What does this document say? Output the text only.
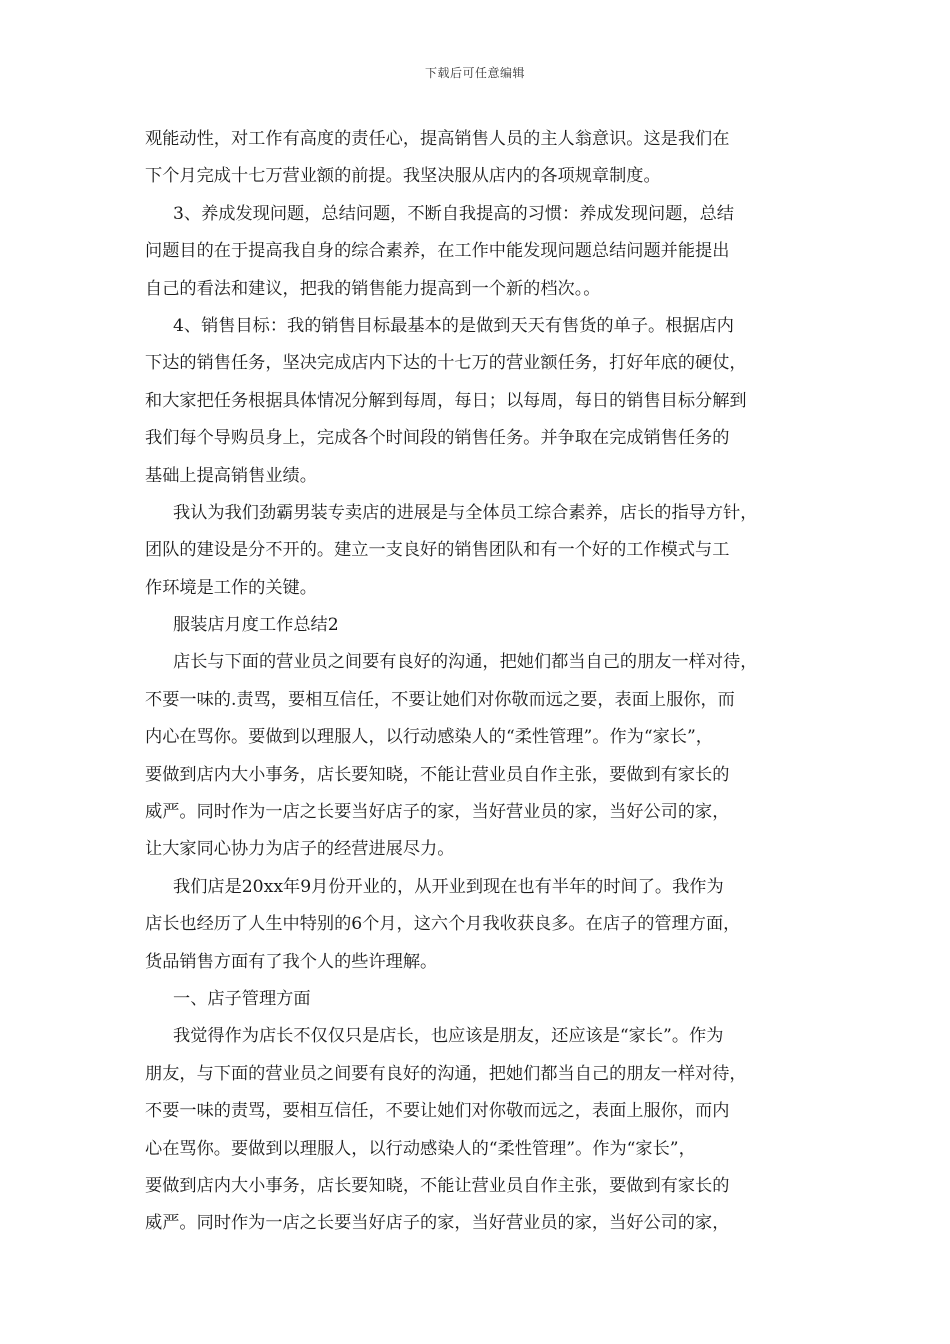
下载后可任意编辑
观能动性，对工作有高度的责任心，提高销售人员的主人翁意识。这是我们在
下个月完成十七万营业额的前提。我坚决服从店内的各项规章制度。
3、养成发现问题，总结问题，不断自我提高的习惯：养成发现问题，总结
问题目的在于提高我自身的综合素养，在工作中能发现问题总结问题并能提出
自己的看法和建议，把我的销售能力提高到一个新的档次。。
4、销售目标：我的销售目标最基本的是做到天天有售货的单子。根据店内
下达的销售任务，坚决完成店内下达的十七万的营业额任务，打好年底的硬仗，
和大家把任务根据具体情况分解到每周，每日；以每周，每日的销售目标分解到
我们每个导购员身上，完成各个时间段的销售任务。并争取在完成销售任务的
基础上提高销售业绩。
我认为我们劲霸男装专卖店的进展是与全体员工综合素养，店长的指导方针，
团队的建设是分不开的。建立一支良好的销售团队和有一个好的工作模式与工
作环境是工作的关键。
服装店月度工作总结2
店长与下面的营业员之间要有良好的沟通，把她们都当自己的朋友一样对待，
不要一味的.责骂，要相互信任，不要让她们对你敬而远之要，表面上服你，而
内心在骂你。要做到以理服人，以行动感染人的“柔性管理”。作为“家长”，
要做到店内大小事务，店长要知晓，不能让营业员自作主张，要做到有家长的
威严。同时作为一店之长要当好店子的家，当好营业员的家，当好公司的家，
让大家同心协力为店子的经营进展尽力。
我们店是20xx年9月份开业的，从开业到现在也有半年的时间了。我作为
店长也经历了人生中特别的6个月，这六个月我收获良多。在店子的管理方面，
货品销售方面有了我个人的些许理解。
一、店子管理方面
我觉得作为店长不仅仅只是店长，也应该是朋友，还应该是“家长”。作为
朋友，与下面的营业员之间要有良好的沟通，把她们都当自己的朋友一样对待，
不要一味的责骂，要相互信任，不要让她们对你敬而远之，表面上服你，而内
心在骂你。要做到以理服人，以行动感染人的“柔性管理”。作为“家长”，
要做到店内大小事务，店长要知晓，不能让营业员自作主张，要做到有家长的
威严。同时作为一店之长要当好店子的家，当好营业员的家，当好公司的家，
